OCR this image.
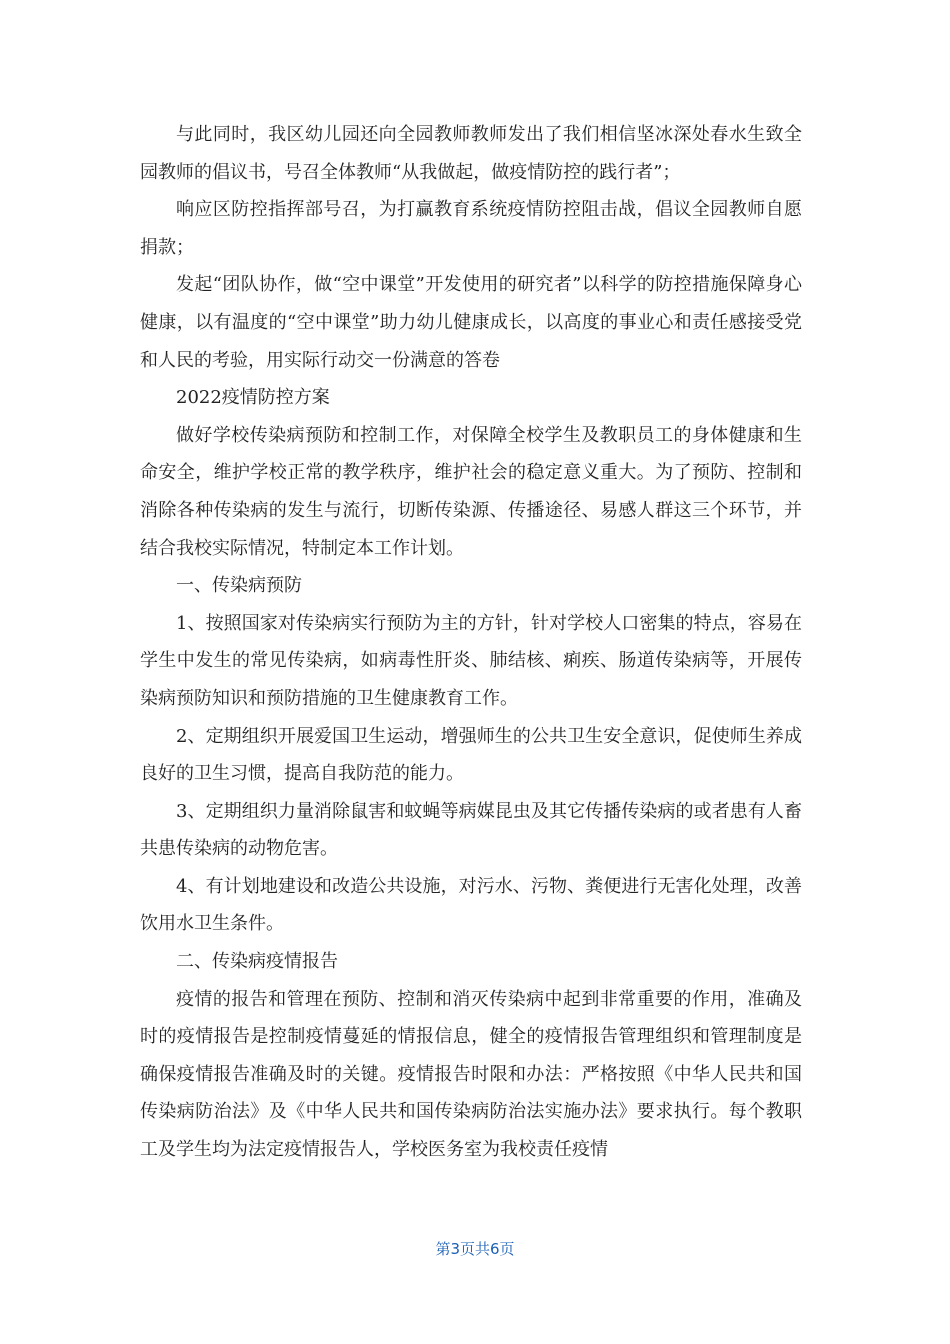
与此同时，我区幼儿园还向全园教师教师发出了我们相信坚冰深处春水生致全园教师的倡议书，号召全体教师“从我做起，做疫情防控的践行者”；

响应区防控指挥部号召，为打赢教育系统疫情防控阻击战，倡议全园教师自愿捐款；

发起“团队协作，做“空中课堂”开发使用的研究者”以科学的防控措施保障身心健康，以有温度的“空中课堂”助力幼儿健康成长，以高度的事业心和责任感接受党和人民的考验，用实际行动交一份满意的答卷

2022疫情防控方案

做好学校传染病预防和控制工作，对保障全校学生及教职员工的身体健康和生命安全，维护学校正常的教学秩序，维护社会的稳定意义重大。为了预防、控制和消除各种传染病的发生与流行，切断传染源、传播途径、易感人群这三个环节，并结合我校实际情况，特制定本工作计划。

一、传染病预防

1、按照国家对传染病实行预防为主的方针，针对学校人口密集的特点，容易在学生中发生的常见传染病，如病毒性肝炎、肺结核、痢疾、肠道传染病等，开展传染病预防知识和预防措施的卫生健康教育工作。

2、定期组织开展爱国卫生运动，增强师生的公共卫生安全意识，促使师生养成良好的卫生习惯，提高自我防范的能力。

3、定期组织力量消除鼠害和蚊蝇等病媒昆虫及其它传播传染病的或者患有人畜共患传染病的动物危害。

4、有计划地建设和改造公共设施，对污水、污物、粪便进行无害化处理，改善饮用水卫生条件。

二、传染病疫情报告

疫情的报告和管理在预防、控制和消灭传染病中起到非常重要的作用，准确及时的疫情报告是控制疫情蔓延的情报信息，健全的疫情报告管理组织和管理制度是确保疫情报告准确及时的关键。疫情报告时限和办法：严格按照《中华人民共和国传染病防治法》及《中华人民共和国传染病防治法实施办法》要求执行。每个教职工及学生均为法定疫情报告人，学校医务室为我校责任疫情

第3页共6页
